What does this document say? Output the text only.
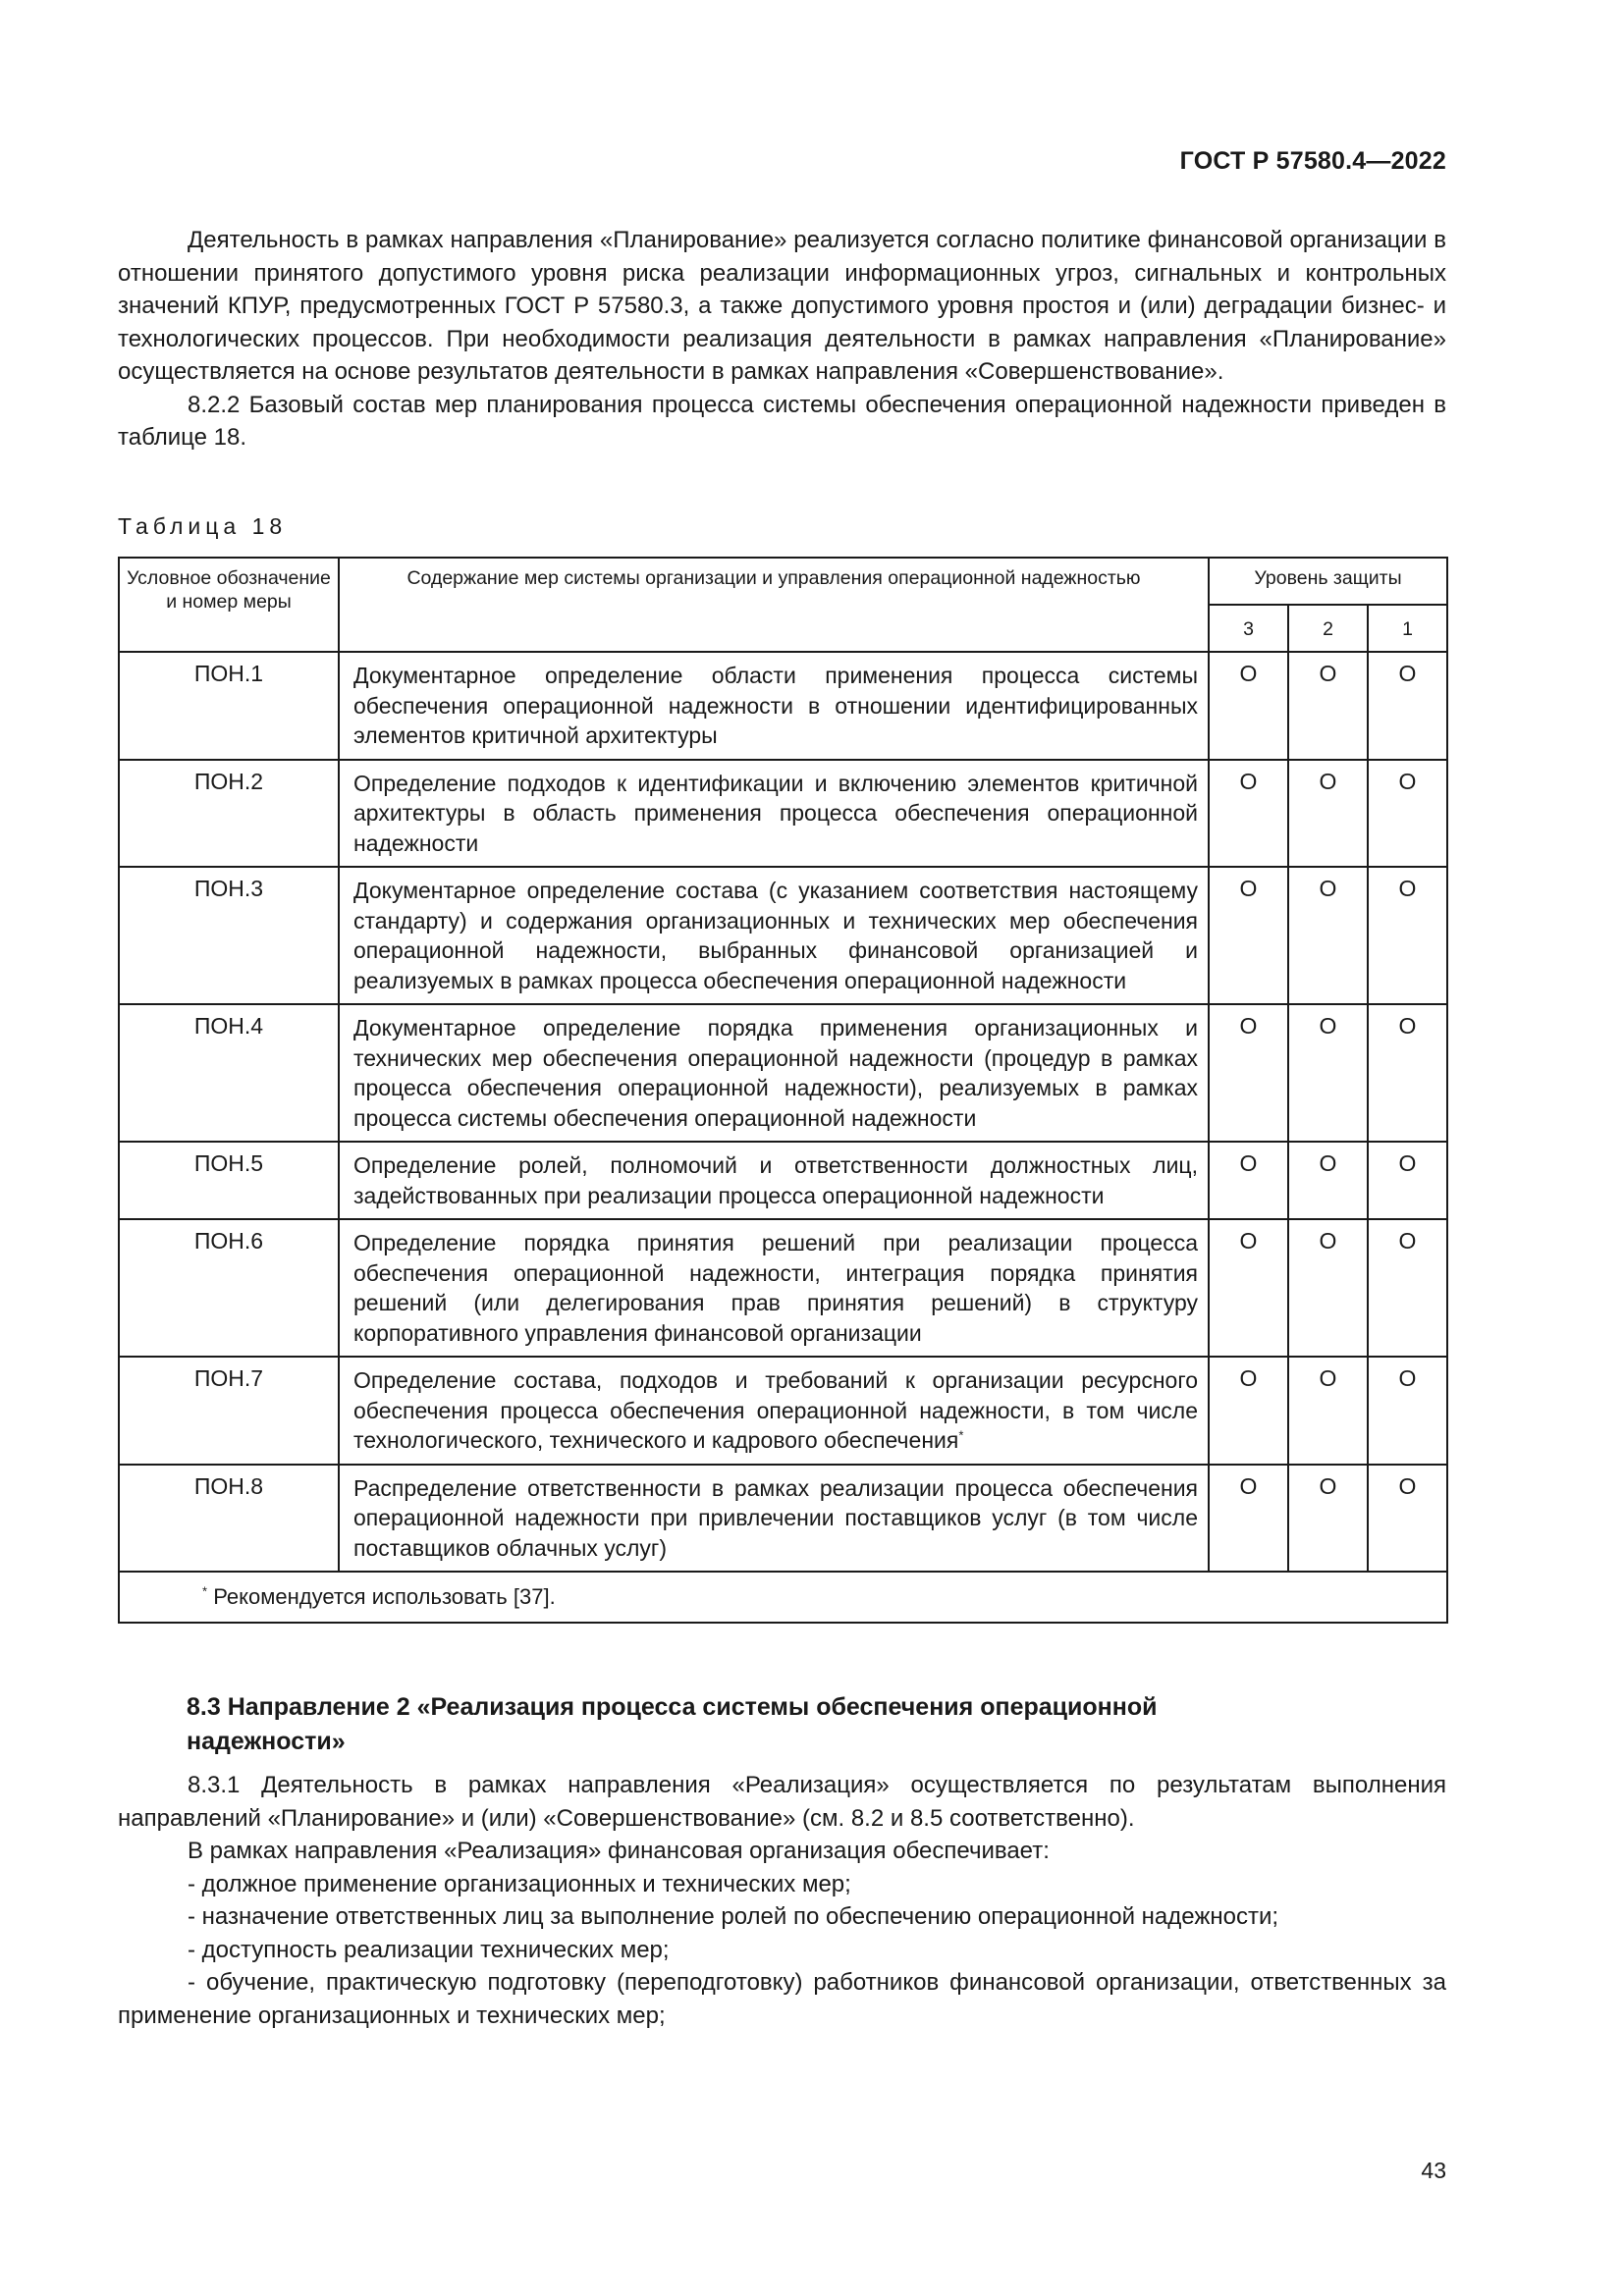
ГОСТ Р 57580.4—2022

Деятельность в рамках направления «Планирование» реализуется согласно политике финансовой организации в отношении принятого допустимого уровня риска реализации информационных угроз, сигнальных и контрольных значений КПУР, предусмотренных ГОСТ Р 57580.3, а также допустимого уровня простоя и (или) деградации бизнес- и технологических процессов. При необходимости реализация деятельности в рамках направления «Планирование» осуществляется на основе результатов деятельности в рамках направления «Совершенствование».

8.2.2 Базовый состав мер планирования процесса системы обеспечения операционной надежности приведен в таблице 18.

Таблица 18
Условное обозначение и номер меры	Содержание мер системы организации и управления операционной надежностью	Уровень защиты		
		3	2	1
ПОН.1	Документарное определение области применения процесса системы обеспечения операционной надежности в отношении идентифицированных элементов критичной архитектуры	О	О	О
ПОН.2	Определение подходов к идентификации и включению элементов критичной архитектуры в область применения процесса обеспечения операционной надежности	О	О	О
ПОН.3	Документарное определение состава (с указанием соответствия настоящему стандарту) и содержания организационных и технических мер обеспечения операционной надежности, выбранных финансовой организацией и реализуемых в рамках процесса обеспечения операционной надежности	О	О	О
ПОН.4	Документарное определение порядка применения организационных и технических мер обеспечения операционной надежности (процедур в рамках процесса обеспечения операционной надежности), реализуемых в рамках процесса системы обеспечения операционной надежности	О	О	О
ПОН.5	Определение ролей, полномочий и ответственности должностных лиц, задействованных при реализации процесса операционной надежности	О	О	О
ПОН.6	Определение порядка принятия решений при реализации процесса обеспечения операционной надежности, интеграция порядка принятия решений (или делегирования прав принятия решений) в структуру корпоративного управления финансовой организации	О	О	О
ПОН.7	Определение состава, подходов и требований к организации ресурсного обеспечения процесса обеспечения операционной надежности, в том числе технологического, технического и кадрового обеспечения*	О	О	О
ПОН.8	Распределение ответственности в рамках реализации процесса обеспечения операционной надежности при привлечении поставщиков услуг (в том числе поставщиков облачных услуг)	О	О	О
* Рекомендуется использовать [37].				
8.3 Направление 2 «Реализация процесса системы обеспечения операционной надежности»

8.3.1 Деятельность в рамках направления «Реализация» осуществляется по результатам выполнения направлений «Планирование» и (или) «Совершенствование» (см. 8.2 и 8.5 соответственно).

В рамках направления «Реализация» финансовая организация обеспечивает:

- должное применение организационных и технических мер;

- назначение ответственных лиц за выполнение ролей по обеспечению операционной надежности;

- доступность реализации технических мер;

- обучение, практическую подготовку (переподготовку) работников финансовой организации, ответственных за применение организационных и технических мер;

43
